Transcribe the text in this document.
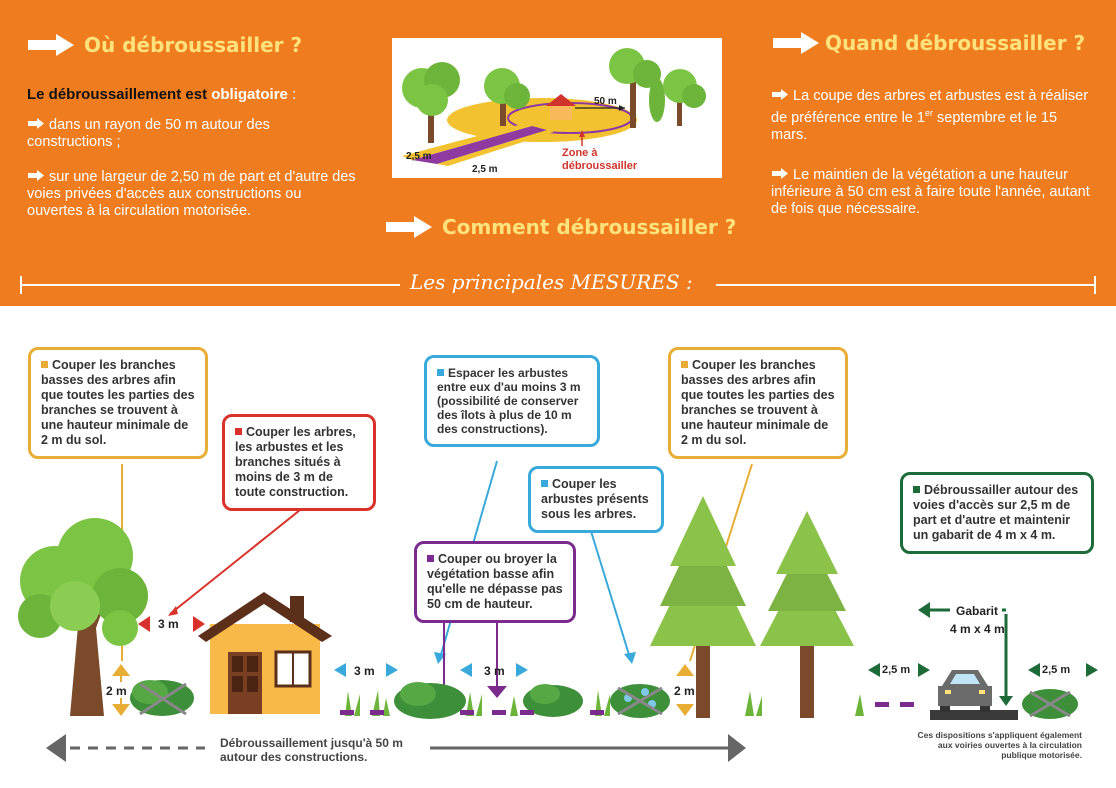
Où débroussailler ?
Le débroussaillement est obligatoire :
dans un rayon de 50 m autour des constructions ;
sur une largeur de 2,50 m de part et d'autre des voies privées d'accès aux constructions ou ouvertes à la circulation motorisée.
50 m
2,5 m
2,5 m
Zone à
débroussailler
Comment débroussailler ?
Quand débroussailler ?
La coupe des arbres et arbustes est à réaliser de préférence entre le 1er septembre et le 15 mars.
Le maintien de la végétation a une hauteur inférieure à 50 cm est à faire toute l'année, autant de fois que nécessaire.
Les principales MESURES :
3 m
2 m
3 m	3 m
2 m
2,5 m	2,5 m
Gabarit
4 m x 4 m
Débroussaillement jusqu'à 50 m
autour des constructions.
Ces dispositions s'appliquent également aux voiries ouvertes à la circulation publique motorisée.
Couper les branches basses des arbres afin que toutes les parties des branches se trouvent à une hauteur minimale de 2 m du sol.
Couper les arbres, les arbustes et les branches situés à moins de 3 m de toute construction.
Espacer les arbustes entre eux d'au moins 3 m (possibilité de conserver des îlots à plus de 10 m des constructions).
Couper les arbustes présents sous les arbres.
Couper ou broyer la végétation basse afin qu'elle ne dépasse pas 50 cm de hauteur.
Couper les branches basses des arbres afin que toutes les parties des branches se trouvent à une hauteur minimale de 2 m du sol.
Débroussailler autour des voies d'accès sur 2,5 m de part et d'autre et maintenir un gabarit de 4 m x 4 m.
